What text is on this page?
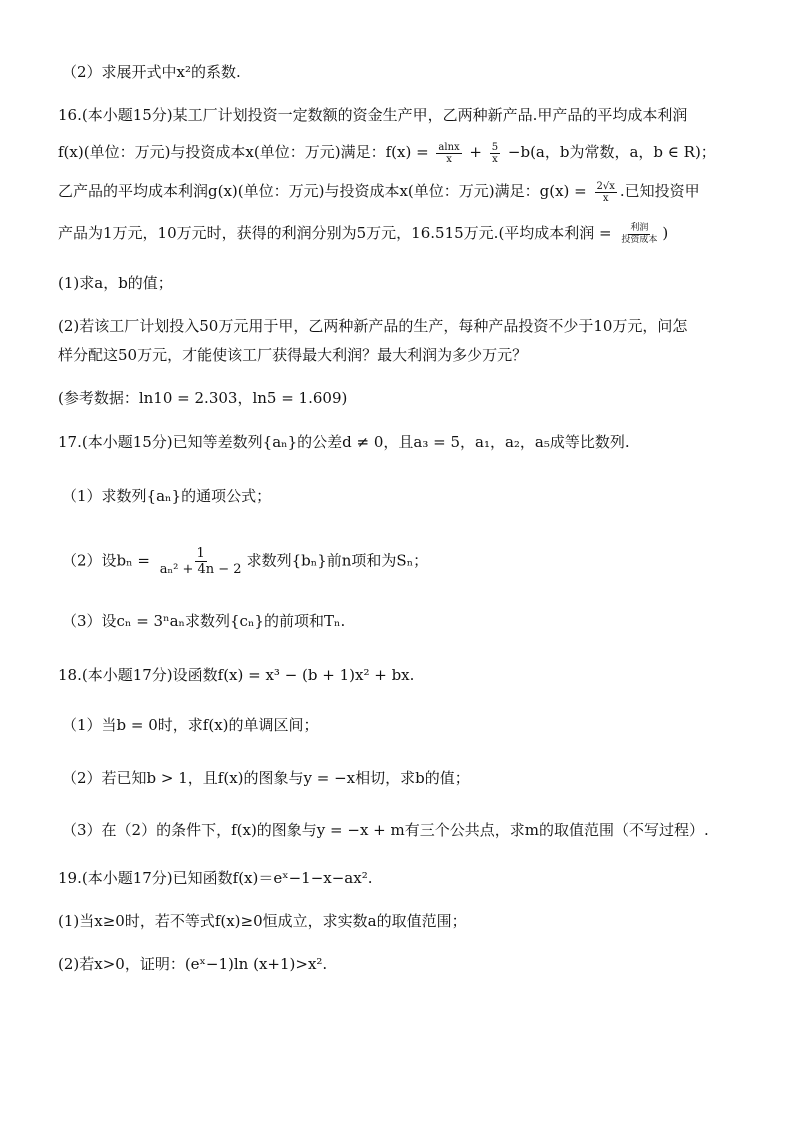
（2）求展开式中x²的系数.
16.(本小题15分)某工厂计划投资一定数额的资金生产甲，乙两种新产品.甲产品的平均成本利润
f(x)(单位：万元)与投资成本x(单位：万元)满足：$f(x) = \frac{alnx}{x} + \frac{5}{x} -b(a$，b为常数，a，b ∈ R)；
乙产品的平均成本利润g(x)(单位：万元)与投资成本x(单位：万元)满足：$g(x) = \frac{2√x}{x}$ .已知投资甲
产品为1万元，10万元时，获得的利润分别为5万元，16.515万元.(平均成本利润 = $\frac{\text{利润}}{\text{投资成本}}$ )
(1)求a，b的值；
(2)若该工厂计划投入50万元用于甲，乙两种新产品的生产，每种产品投资不少于10万元，问怎
样分配这50万元，才能使该工厂获得最大利润？最大利润为多少万元？
(参考数据：ln10 = 2.303，ln5 = 1.609)
17.(本小题15分)已知等差数列{aₙ}的公差d ≠ 0，且a₃ = 5，a₁，a₂，a₅成等比数列.
（1）求数列{aₙ}的通项公式；
（2）设$b_n = \frac{1}{\text{aₙ² + 4n − 2}}$ 求数列{bₙ}前n项和为Sₙ；
（3）设cₙ = 3ⁿaₙ求数列{cₙ}的前项和Tₙ.
18.(本小题17分)设函数f(x) = x³ − (b + 1)x² + bx.
（1）当b = 0时，求f(x)的单调区间；
（2）若已知b > 1，且f(x)的图象与y = −x相切，求b的值；
（3）在（2）的条件下，f(x)的图象与y = −x + m有三个公共点，求m的取值范围（不写过程）.
19.(本小题17分)已知函数f(x)＝eˣ−1−x−ax².
(1)当x≥0时，若不等式f(x)≥0恒成立，求实数a的取值范围；
(2)若x>0，证明：(eˣ−1)ln (x+1)>x².
